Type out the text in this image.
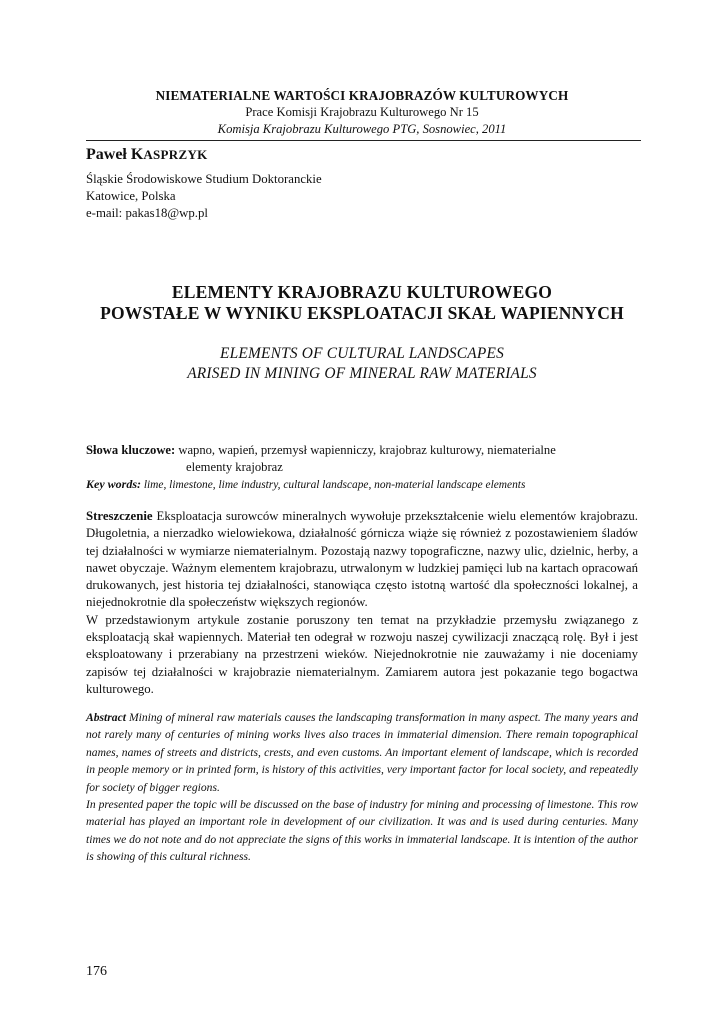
NIEMATERIALNE WARTOŚCI KRAJOBRAZÓW KULTUROWYCH
Prace Komisji Krajobrazu Kulturowego Nr 15
Komisja Krajobrazu Kulturowego PTG, Sosnowiec, 2011
Paweł KASPRZYK
Śląskie Środowiskowe Studium Doktoranckie
Katowice, Polska
e-mail: pakas18@wp.pl
ELEMENTY KRAJOBRAZU KULTUROWEGO
POWSTAŁE W WYNIKU EKSPLOATACJI SKAŁ WAPIENNYCH
ELEMENTS OF CULTURAL LANDSCAPES
ARISED IN MINING OF MINERAL RAW MATERIALS
Słowa kluczowe: wapno, wapień, przemysł wapienniczy, krajobraz kulturowy, niematerialne
elementy krajobraz
Key words: lime, limestone, lime industry, cultural landscape, non-material landscape elements

Streszczenie Eksploatacja surowców mineralnych wywołuje przekształcenie wielu elementów krajobrazu. Długoletnia, a nierzadko wielowiekowa, działalność górnicza wiąże się również z pozostawieniem śladów tej działalności w wymiarze niematerialnym. Pozostają nazwy topograficzne, nazwy ulic, dzielnic, herby, a nawet obyczaje. Ważnym elementem krajobrazu, utrwalonym w ludzkiej pamięci lub na kartach opracowań drukowanych, jest historia tej działalności, stanowiąca często istotną wartość dla społeczności lokalnej, a niejednokrotnie dla społeczeństw większych regionów.

W przedstawionym artykule zostanie poruszony ten temat na przykładzie przemysłu związanego z eksploatacją skał wapiennych. Materiał ten odegrał w rozwoju naszej cywilizacji znaczącą rolę. Był i jest eksploatowany i przerabiany na przestrzeni wieków. Niejednokrotnie nie zauważamy i nie doceniamy zapisów tej działalności w krajobrazie niematerialnym. Zamiarem autora jest pokazanie tego bogactwa kulturowego.

Abstract Mining of mineral raw materials causes the landscaping transformation in many aspect. The many years and not rarely many of centuries of mining works lives also traces in immaterial dimension. There remain topographical names, names of streets and districts, crests, and even customs. An important element of landscape, which is recorded in people memory or in printed form, is history of this activities, very important factor for local society, and repeatedly for society of bigger regions.

In presented paper the topic will be discussed on the base of industry for mining and processing of limestone. This row material has played an important role in development of our civilization. It was and is used during centuries. Many times we do not note and do not appreciate the signs of this works in immaterial landscape. It is intention of the author is showing of this cultural richness.

176
